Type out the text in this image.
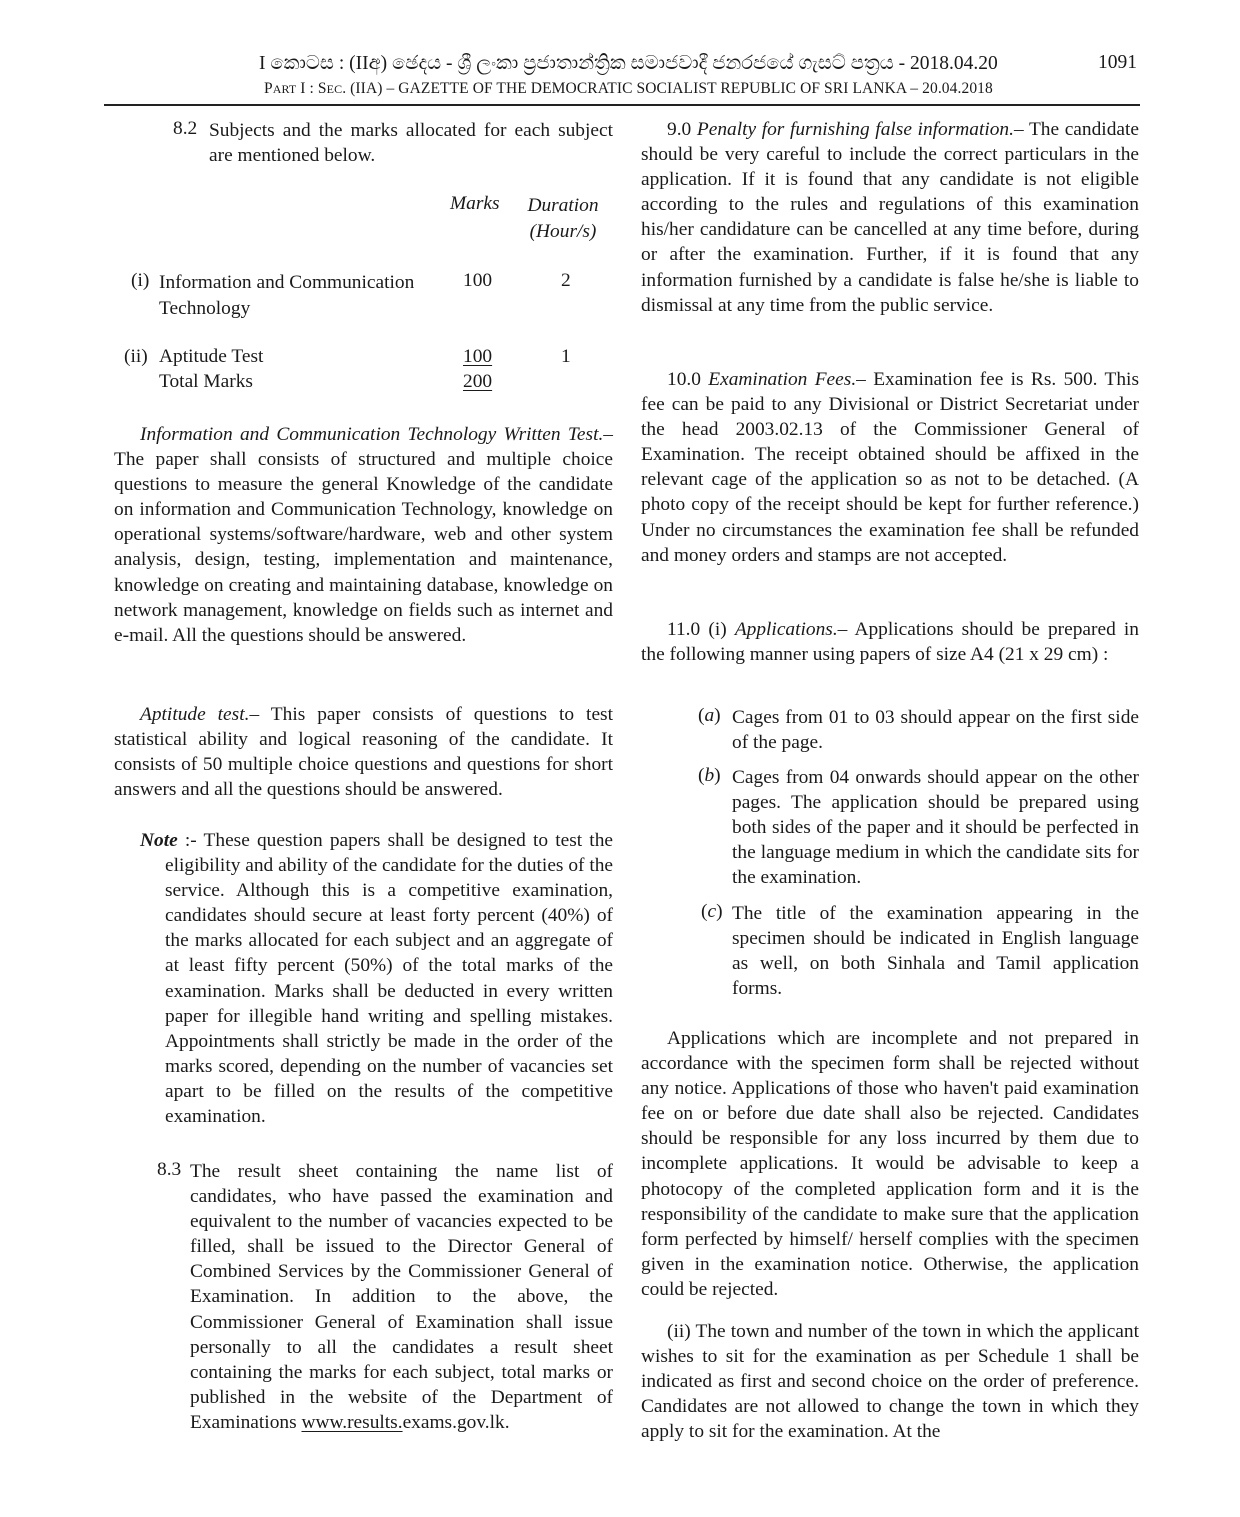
I කොටස : (IIඅ) ඡෙදය - ශ්‍රී ලංකා ප්‍රජාතාන්ත්‍රික සමාජවාදී ජනරජයේ ගැසට් පත්‍රය - 2018.04.20	1091
PART I : SEC. (IIA) – GAZETTE OF THE DEMOCRATIC SOCIALIST REPUBLIC OF SRI LANKA – 20.04.2018
8.2 Subjects and the marks allocated for each subject are mentioned below.

Marks	Duration
(Hour/s)
(i) Information and Communication
Technology
100	2
(ii) Aptitude Test	100	1
Total Marks	200

Information and Communication Technology Written Test.– The paper shall consists of structured and multiple choice questions to measure the general Knowledge of the candidate on information and Communication Technology, knowledge on operational systems/software/hardware, web and other system analysis, design, testing, implementation and maintenance, knowledge on creating and maintaining database, knowledge on network management, knowledge on fields such as internet and e-mail. All the questions should be answered.

Aptitude test.– This paper consists of questions to test statistical ability and logical reasoning of the candidate. It consists of 50 multiple choice questions and questions for short answers and all the questions should be answered.

Note :- These question papers shall be designed to test the eligibility and ability of the candidate for the duties of the service. Although this is a competitive examination, candidates should secure at least forty percent (40%) of the marks allocated for each subject and an aggregate of at least fifty percent (50%) of the total marks of the examination. Marks shall be deducted in every written paper for illegible hand writing and spelling mistakes. Appointments shall strictly be made in the order of the marks scored, depending on the number of vacancies set apart to be filled on the results of the competitive examination.

8.3 The result sheet containing the name list of candidates, who have passed the examination and equivalent to the number of vacancies expected to be filled, shall be issued to the Director General of Combined Services by the Commissioner General of Examination. In addition to the above, the Commissioner General of Examination shall issue personally to all the candidates a result sheet containing the marks for each subject, total marks or published in the website of the Department of Examinations www.results.exams.gov.lk.

9.0 Penalty for furnishing false information.– The candidate should be very careful to include the correct particulars in the application. If it is found that any candidate is not eligible according to the rules and regulations of this examination his/her candidature can be cancelled at any time before, during or after the examination. Further, if it is found that any information furnished by a candidate is false he/she is liable to dismissal at any time from the public service.

10.0 Examination Fees.– Examination fee is Rs. 500. This fee can be paid to any Divisional or District Secretariat under the head 2003.02.13 of the Commissioner General of Examination. The receipt obtained should be affixed in the relevant cage of the application so as not to be detached. (A photo copy of the receipt should be kept for further reference.) Under no circumstances the examination fee shall be refunded and money orders and stamps are not accepted.

11.0 (i) Applications.– Applications should be prepared in the following manner using papers of size A4 (21 x 29 cm) :

(a) Cages from 01 to 03 should appear on the first side of the page.

(b) Cages from 04 onwards should appear on the other pages. The application should be prepared using both sides of the paper and it should be perfected in the language medium in which the candidate sits for the examination.

(c) The title of the examination appearing in the specimen should be indicated in English language as well, on both Sinhala and Tamil application forms.

Applications which are incomplete and not prepared in accordance with the specimen form shall be rejected without any notice. Applications of those who haven't paid examination fee on or before due date shall also be rejected. Candidates should be responsible for any loss incurred by them due to incomplete applications. It would be advisable to keep a photocopy of the completed application form and it is the responsibility of the candidate to make sure that the application form perfected by himself/ herself complies with the specimen given in the examination notice. Otherwise, the application could be rejected.

(ii) The town and number of the town in which the applicant wishes to sit for the examination as per Schedule 1 shall be indicated as first and second choice on the order of preference. Candidates are not allowed to change the town in which they apply to sit for the examination. At the
